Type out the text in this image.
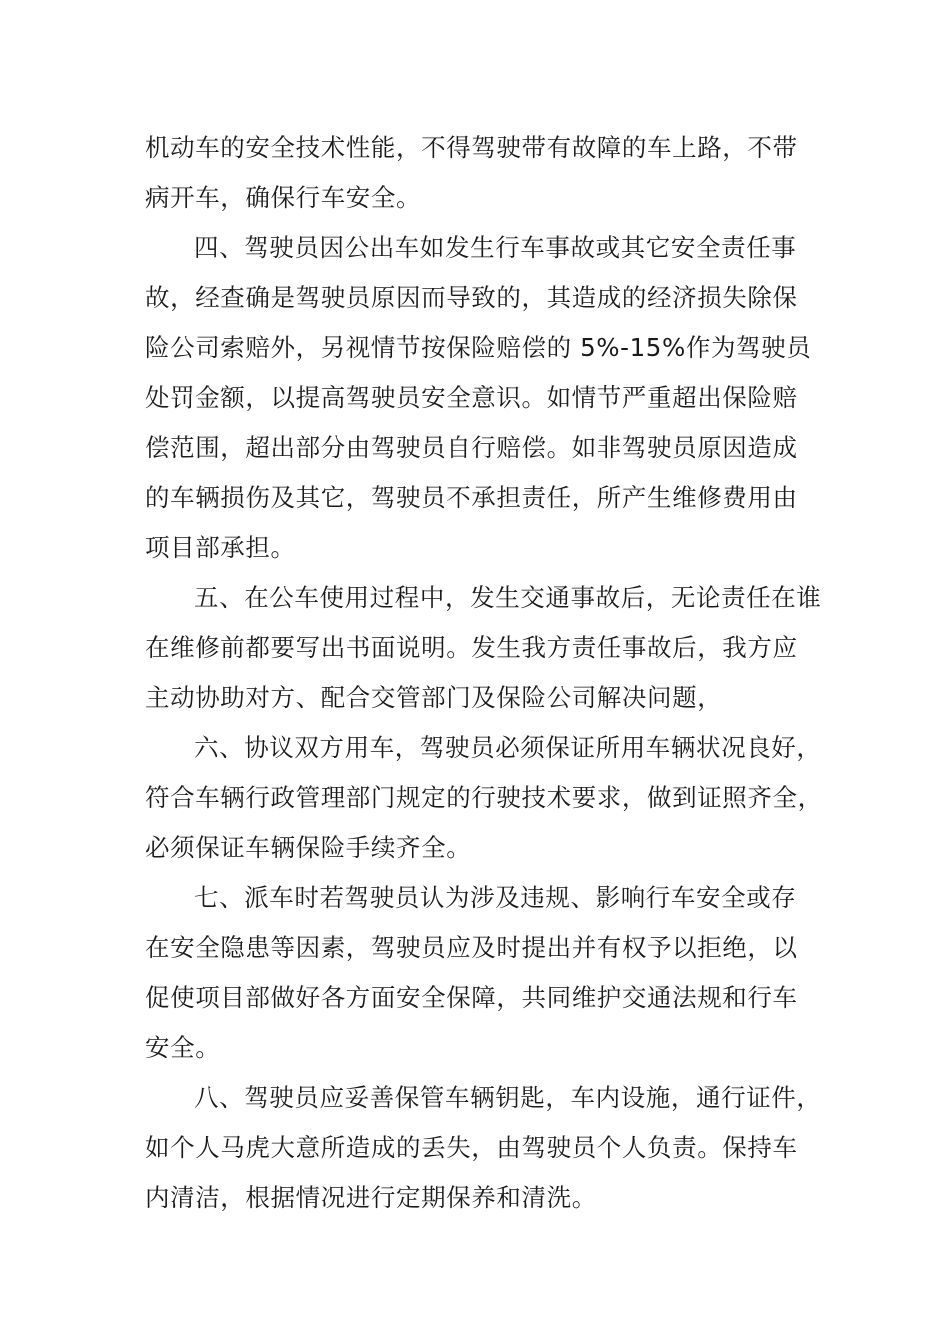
机动车的安全技术性能，不得驾驶带有故障的车上路，不带
病开车，确保行车安全。
四、驾驶员因公出车如发生行车事故或其它安全责任事
故，经查确是驾驶员原因而导致的，其造成的经济损失除保
险公司索赔外，另视情节按保险赔偿的 5%-15%作为驾驶员
处罚金额，以提高驾驶员安全意识。如情节严重超出保险赔
偿范围，超出部分由驾驶员自行赔偿。如非驾驶员原因造成
的车辆损伤及其它，驾驶员不承担责任，所产生维修费用由
项目部承担。
五、在公车使用过程中，发生交通事故后，无论责任在谁
在维修前都要写出书面说明。发生我方责任事故后，我方应
主动协助对方、配合交管部门及保险公司解决问题，
六、协议双方用车，驾驶员必须保证所用车辆状况良好，
符合车辆行政管理部门规定的行驶技术要求，做到证照齐全，
必须保证车辆保险手续齐全。
七、派车时若驾驶员认为涉及违规、影响行车安全或存
在安全隐患等因素，驾驶员应及时提出并有权予以拒绝，以
促使项目部做好各方面安全保障，共同维护交通法规和行车
安全。
八、驾驶员应妥善保管车辆钥匙，车内设施，通行证件，
如个人马虎大意所造成的丢失，由驾驶员个人负责。保持车
内清洁，根据情况进行定期保养和清洗。
